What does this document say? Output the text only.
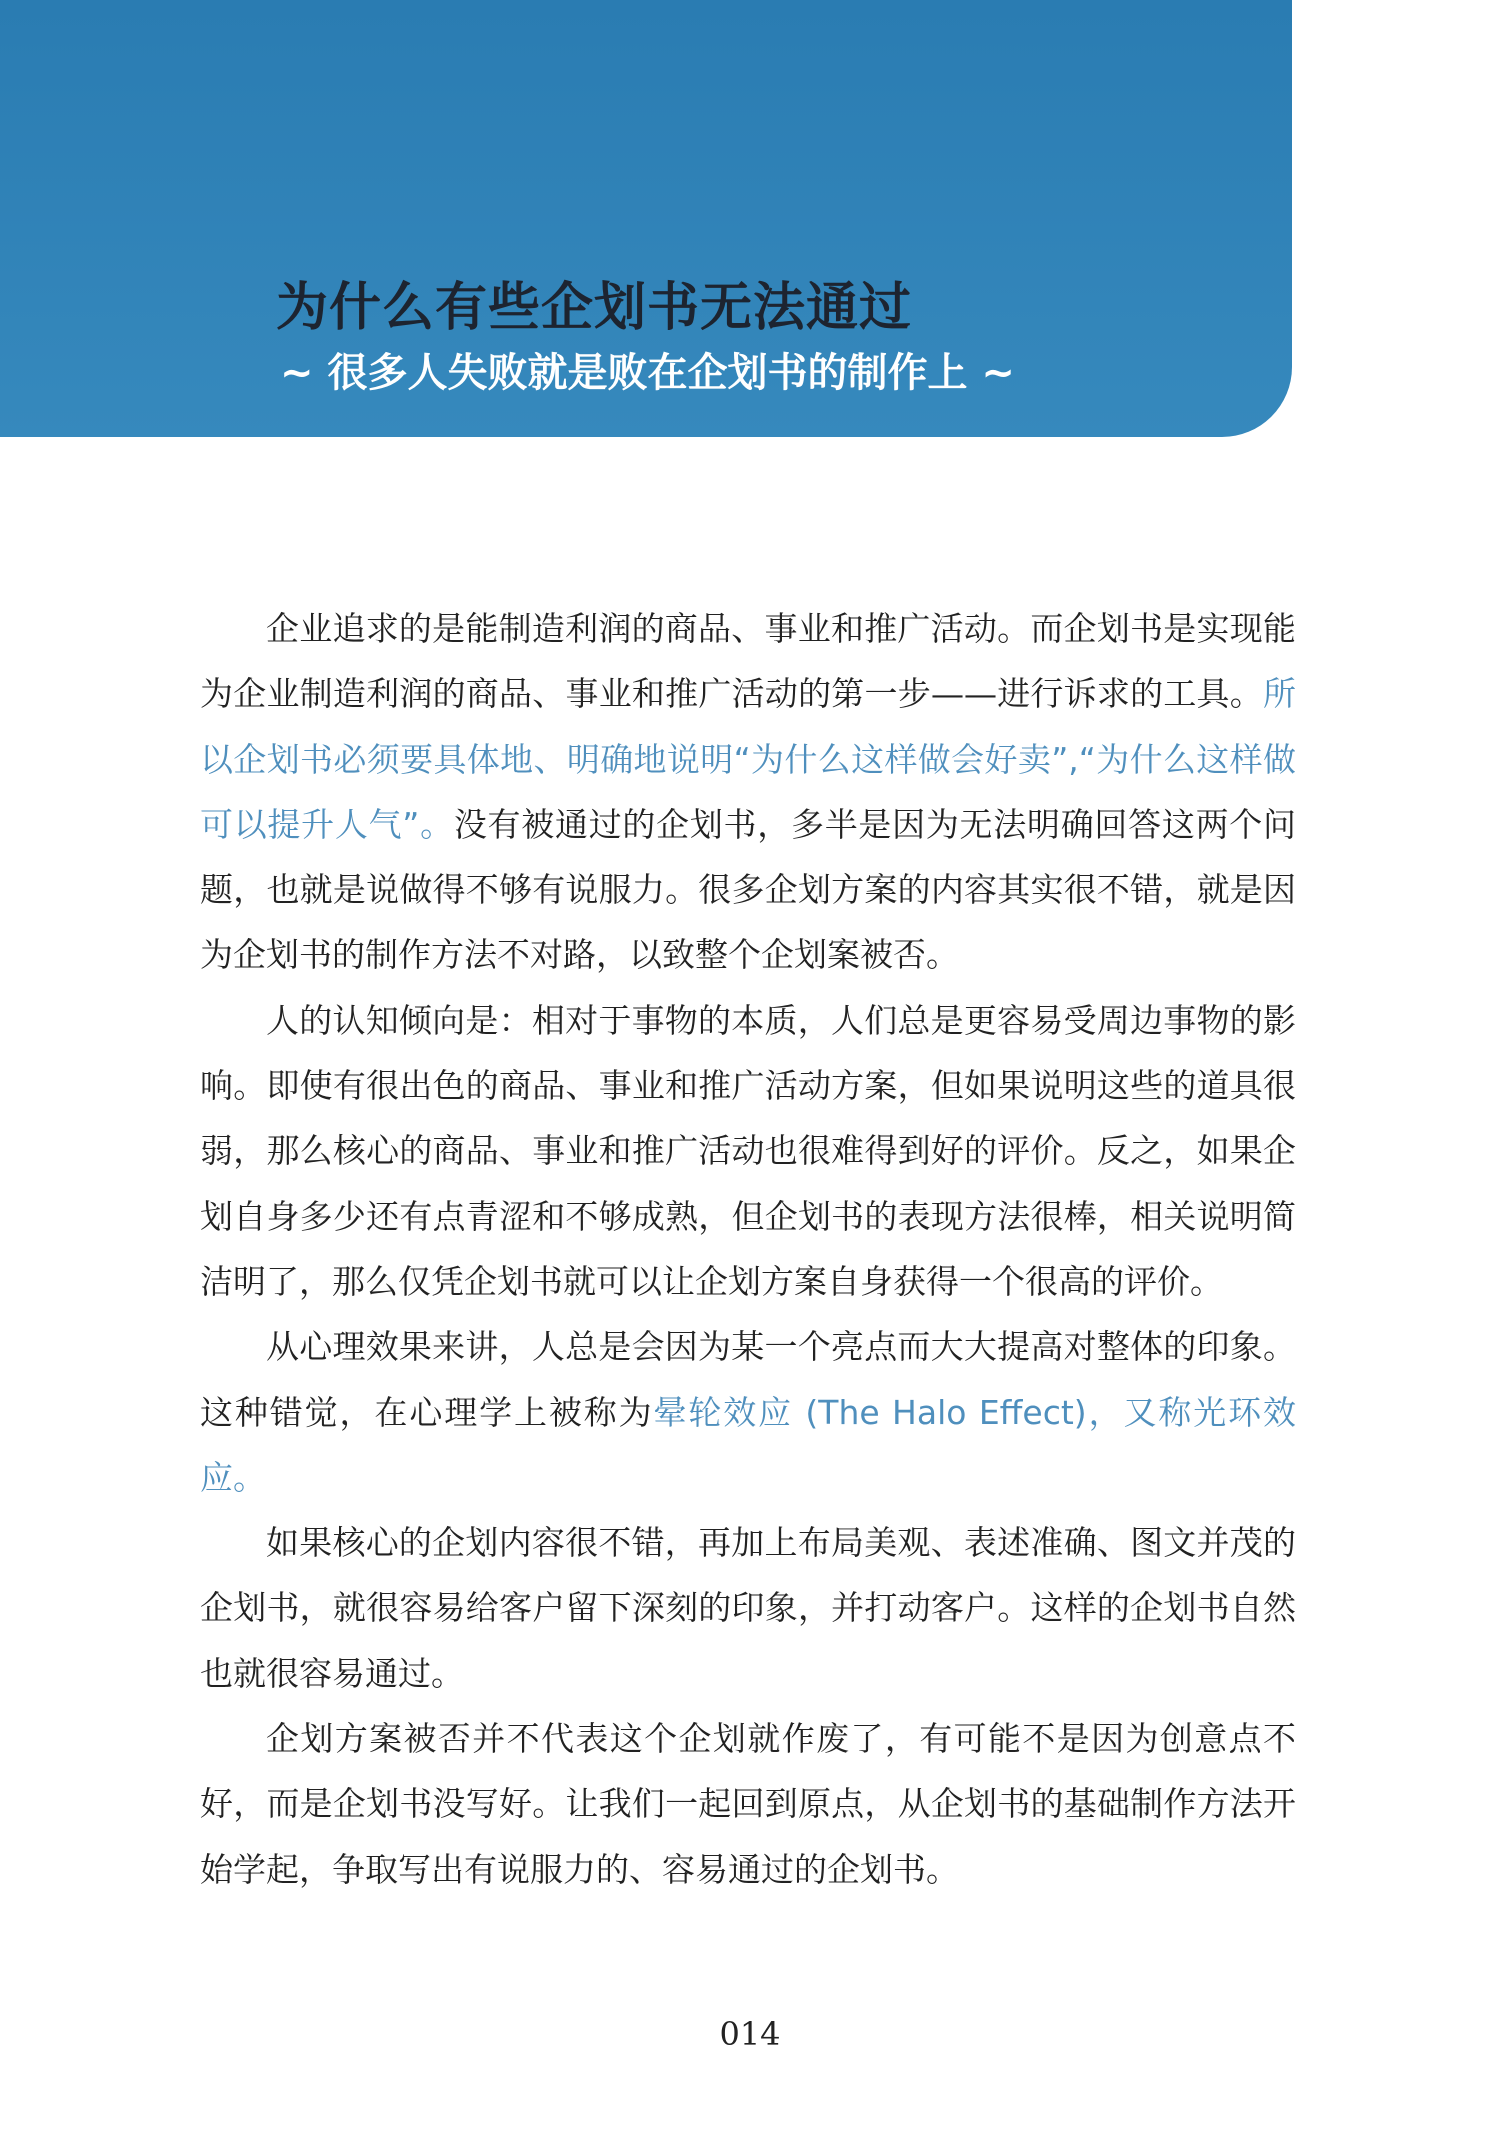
为什么有些企划书无法通过
~ 很多人失败就是败在企划书的制作上 ~

企业追求的是能制造利润的商品、事业和推广活动。而企划书是实现能为企业制造利润的商品、事业和推广活动的第一步——进行诉求的工具。所以企划书必须要具体地、明确地说明“为什么这样做会好卖”,“为什么这样做可以提升人气”。没有被通过的企划书，多半是因为无法明确回答这两个问题，也就是说做得不够有说服力。很多企划方案的内容其实很不错，就是因为企划书的制作方法不对路，以致整个企划案被否。

人的认知倾向是：相对于事物的本质，人们总是更容易受周边事物的影响。即使有很出色的商品、事业和推广活动方案，但如果说明这些的道具很弱，那么核心的商品、事业和推广活动也很难得到好的评价。反之，如果企划自身多少还有点青涩和不够成熟，但企划书的表现方法很棒，相关说明简洁明了，那么仅凭企划书就可以让企划方案自身获得一个很高的评价。

从心理效果来讲，人总是会因为某一个亮点而大大提高对整体的印象。这种错觉，在心理学上被称为晕轮效应 (The Halo Effect)，又称光环效应。

如果核心的企划内容很不错，再加上布局美观、表述准确、图文并茂的企划书，就很容易给客户留下深刻的印象，并打动客户。这样的企划书自然也就很容易通过。

企划方案被否并不代表这个企划就作废了，有可能不是因为创意点不好，而是企划书没写好。让我们一起回到原点，从企划书的基础制作方法开始学起，争取写出有说服力的、容易通过的企划书。

014
